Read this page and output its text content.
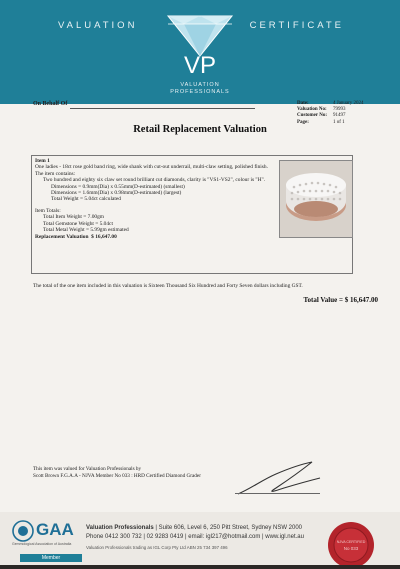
VALUATION	CERTIFICATE
VP
VALUATION
PROFESSIONALS
On Behalf Of	Date:	4 January 2024
Valuation No:	79993
Customer No:	91497
Page:	1 of 1
Retail Replacement Valuation
Item 1
One ladies - 18ct rose gold band ring, wide shank with cut-out underrail, multi-claw setting, polished finish. The item contains:
Two hundred and eighty six claw set round brilliant cut diamonds, clarity is "VS1-VS2", colour is "H".
Dimensions = 0.9mm(Dia) x 0.55mm(D-estimated) (smallest)
Dimensions = 1.6mm(Dia) x 0.98mm(D-estimated) (largest)
Total Weight = 5.04ct calculated
Item Totals:
Total Item Weight = 7.00gm
Total Gemstone Weight = 5.04ct
Total Metal Weight = 5.99gm estimated
Replacement Valuation $ 16,647.00
The total of the one item included in this valuation is Sixteen Thousand Six Hundred and Forty Seven dollars including GST.
Total Value = $ 16,647.00
This item was valued for Valuation Professionals by
Scott Brown F.G.A.A - NJVA Member No 033 : HRD Certified Diamond Grader
GAA
Gemmological Association of Australia
Member
Valuation Professionals | Suite 606, Level 6, 250 Pitt Street, Sydney NSW 2000
Phone 0412 300 732 | 02 9283 0419 | email: igl217@hotmail.com | www.igl.net.au
Valuation Professionals trading as IGL Corp Pty Ltd ABN 25 734 397 496
NJVA CERTIFIED
No 033
